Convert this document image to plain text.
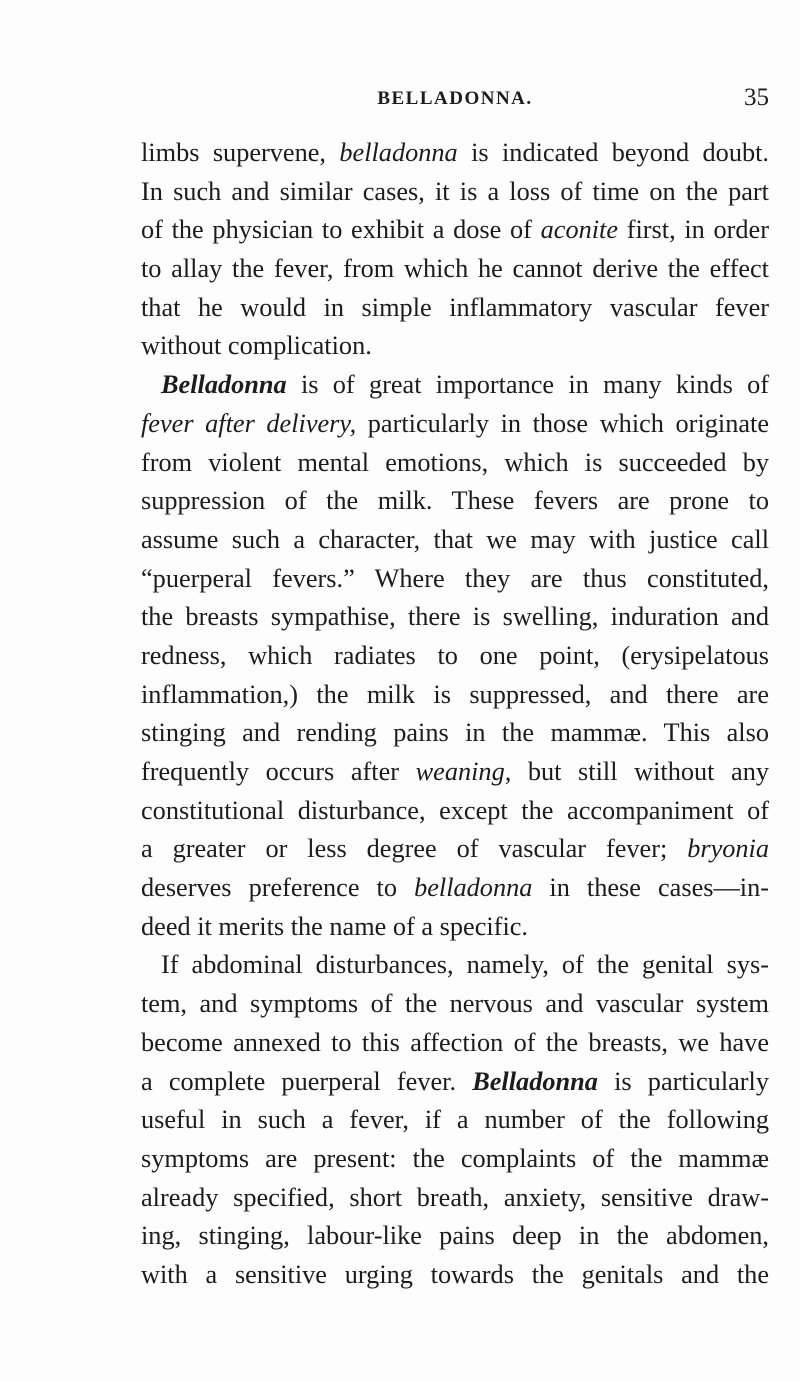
BELLADONNA.	35
limbs supervene, belladonna is indicated beyond doubt.
In such and similar cases, it is a loss of time on the part
of the physician to exhibit a dose of aconite first, in order
to allay the fever, from which he cannot derive the effect
that he would in simple inflammatory vascular fever
without complication.
Belladonna is of great importance in many kinds of
fever after delivery, particularly in those which originate
from violent mental emotions, which is succeeded by
suppression of the milk. These fevers are prone to
assume such a character, that we may with justice call
“puerperal fevers.” Where they are thus constituted,
the breasts sympathise, there is swelling, induration and
redness, which radiates to one point, (erysipelatous
inflammation,) the milk is suppressed, and there are
stinging and rending pains in the mammæ. This also
frequently occurs after weaning, but still without any
constitutional disturbance, except the accompaniment of
a greater or less degree of vascular fever; bryonia
deserves preference to belladonna in these cases—in-
deed it merits the name of a specific.
If abdominal disturbances, namely, of the genital sys-
tem, and symptoms of the nervous and vascular system
become annexed to this affection of the breasts, we have
a complete puerperal fever. Belladonna is particularly
useful in such a fever, if a number of the following
symptoms are present: the complaints of the mammæ
already specified, short breath, anxiety, sensitive draw-
ing, stinging, labour-like pains deep in the abdomen,
with a sensitive urging towards the genitals and the
